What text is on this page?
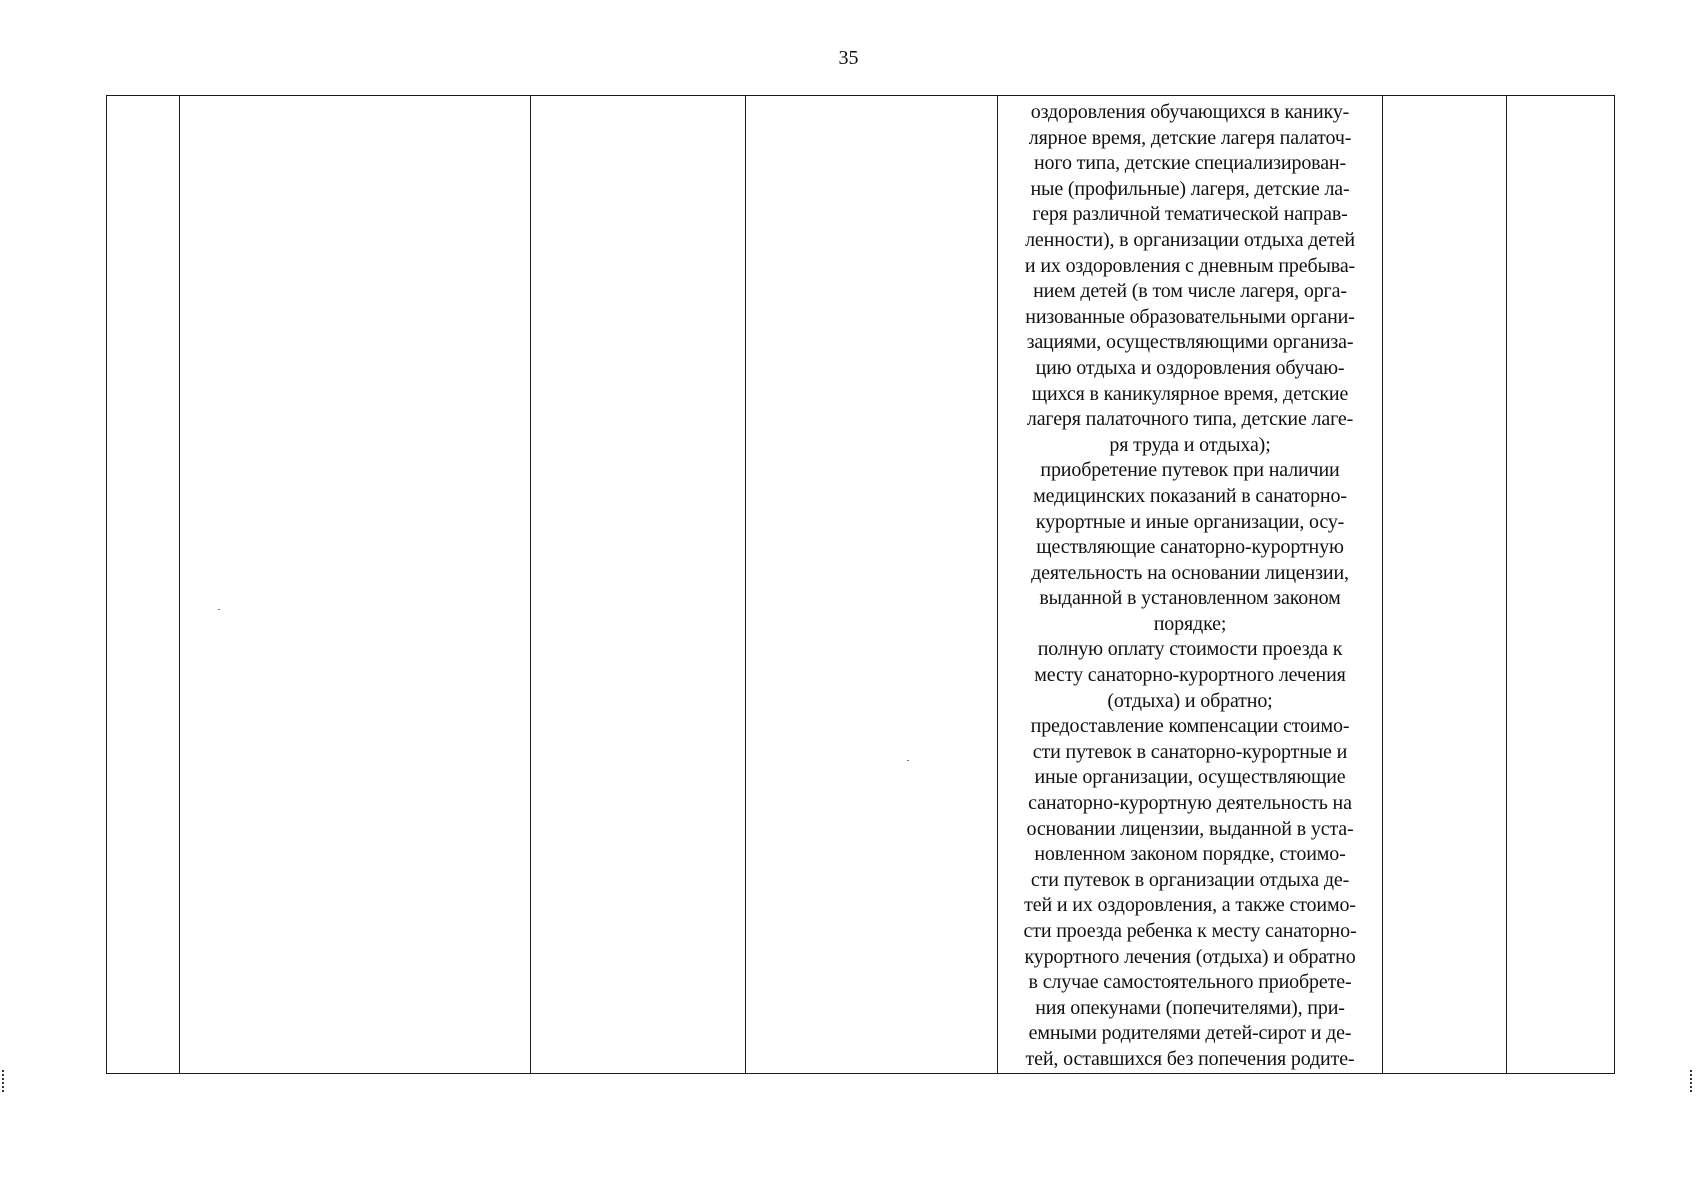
35

оздоровления обучающихся в канику-
лярное время, детские лагеря палаточ-
ного типа, детские специализирован-
ные (профильные) лагеря, детские ла-
геря различной тематической направ-
ленности), в организации отдыха детей
и их оздоровления с дневным пребыва-
нием детей (в том числе лагеря, орга-
низованные образовательными органи-
зациями, осуществляющими организа-
цию отдыха и оздоровления обучаю-
щихся в каникулярное время, детские
лагеря палаточного типа, детские лаге-
ря труда и отдыха);
приобретение путевок при наличии
медицинских показаний в санаторно-
курортные и иные организации, осу-
ществляющие санаторно-курортную
деятельность на основании лицензии,
выданной в установленном законом
порядке;
полную оплату стоимости проезда к
месту санаторно-курортного лечения
(отдыха) и обратно;
предоставление компенсации стоимо-
сти путевок в санаторно-курортные и
иные организации, осуществляющие
санаторно-курортную деятельность на
основании лицензии, выданной в уста-
новленном законом порядке, стоимо-
сти путевок в организации отдыха де-
тей и их оздоровления, а также стоимо-
сти проезда ребенка к месту санаторно-
курортного лечения (отдыха) и обратно
в случае самостоятельного приобрете-
ния опекунами (попечителями), при-
емными родителями детей-сирот и де-
тей, оставшихся без попечения родите-
